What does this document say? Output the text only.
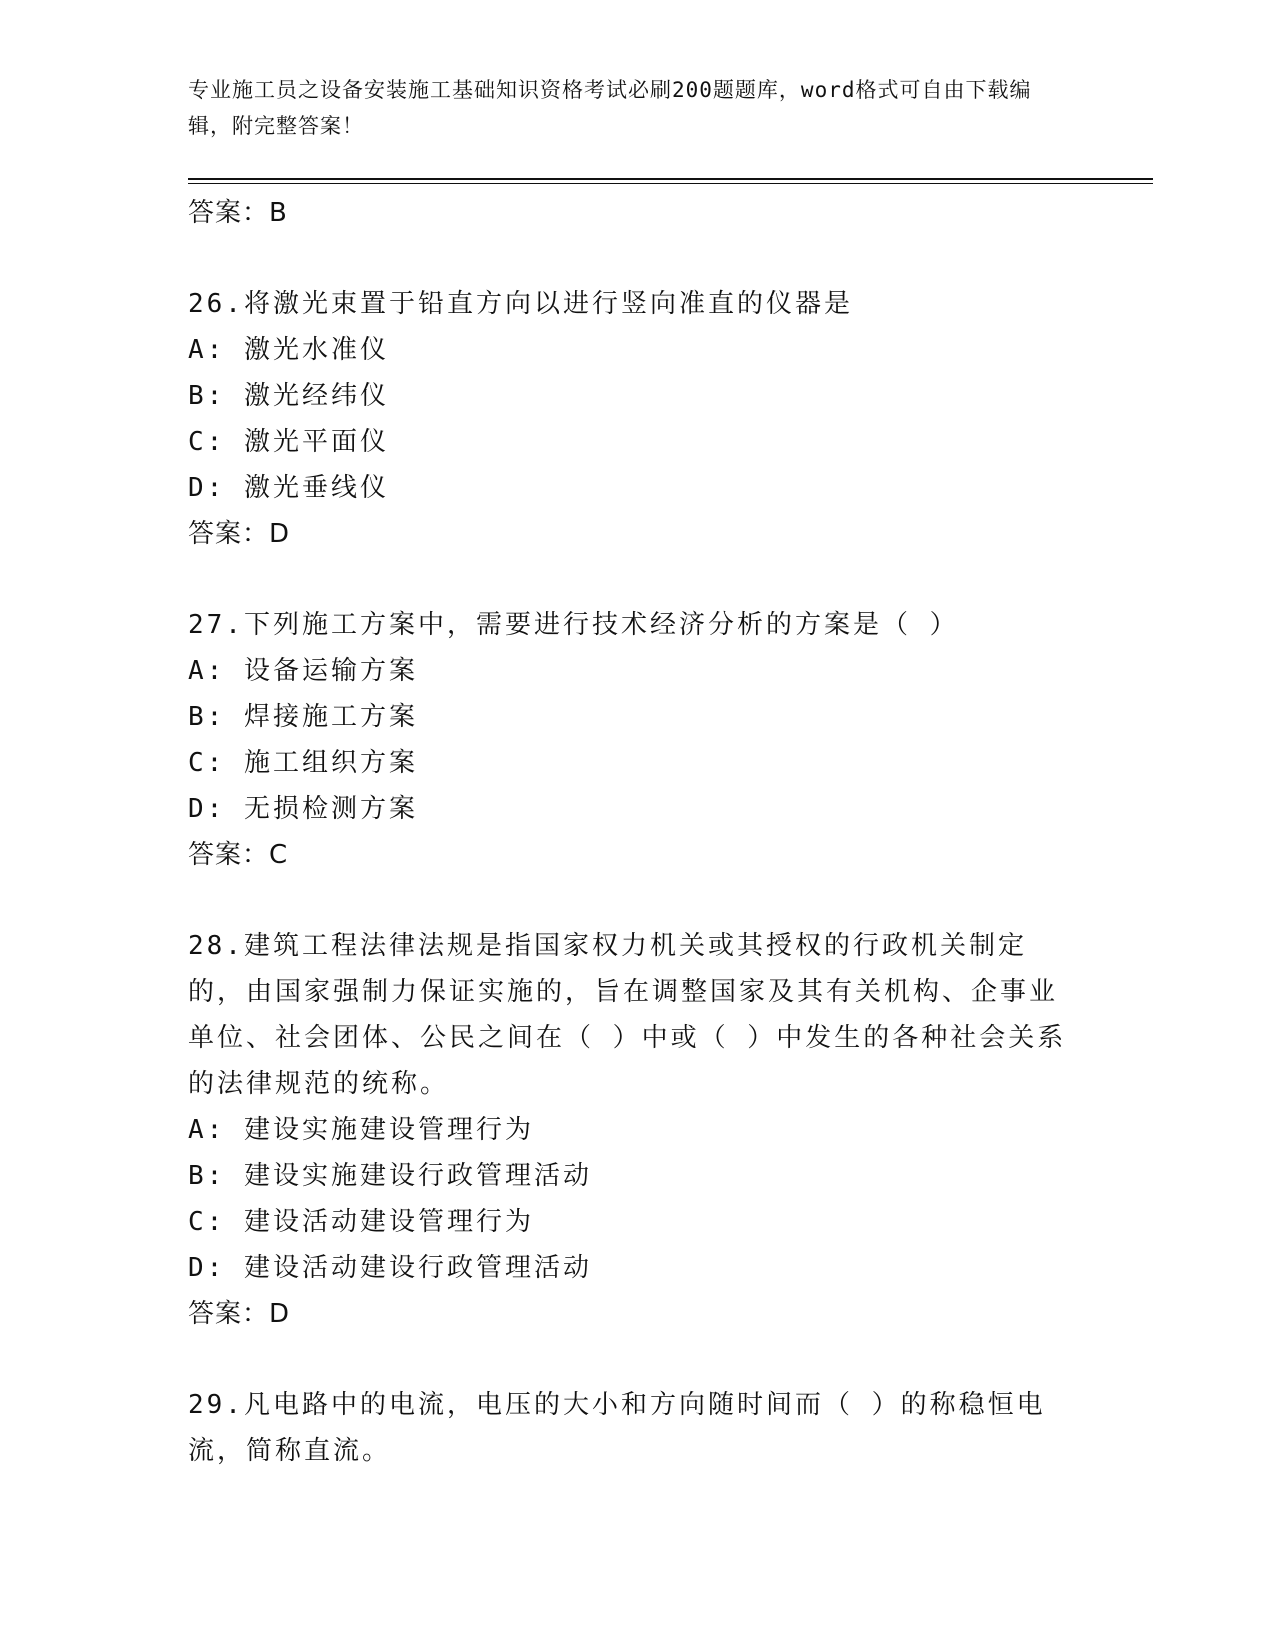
专业施工员之设备安装施工基础知识资格考试必刷200题题库，word格式可自由下载编辑，附完整答案！
答案：B
26.将激光束置于铅直方向以进行竖向准直的仪器是
A: 激光水准仪
B: 激光经纬仪
C: 激光平面仪
D: 激光垂线仪
答案：D
27.下列施工方案中，需要进行技术经济分析的方案是（ ）
A: 设备运输方案
B: 焊接施工方案
C: 施工组织方案
D: 无损检测方案
答案：C
28.建筑工程法律法规是指国家权力机关或其授权的行政机关制定的，由国家强制力保证实施的，旨在调整国家及其有关机构、企事业单位、社会团体、公民之间在（ ）中或（ ）中发生的各种社会关系的法律规范的统称。
A: 建设实施建设管理行为
B: 建设实施建设行政管理活动
C: 建设活动建设管理行为
D: 建设活动建设行政管理活动
答案：D
29.凡电路中的电流，电压的大小和方向随时间而（ ）的称稳恒电流，简称直流。
